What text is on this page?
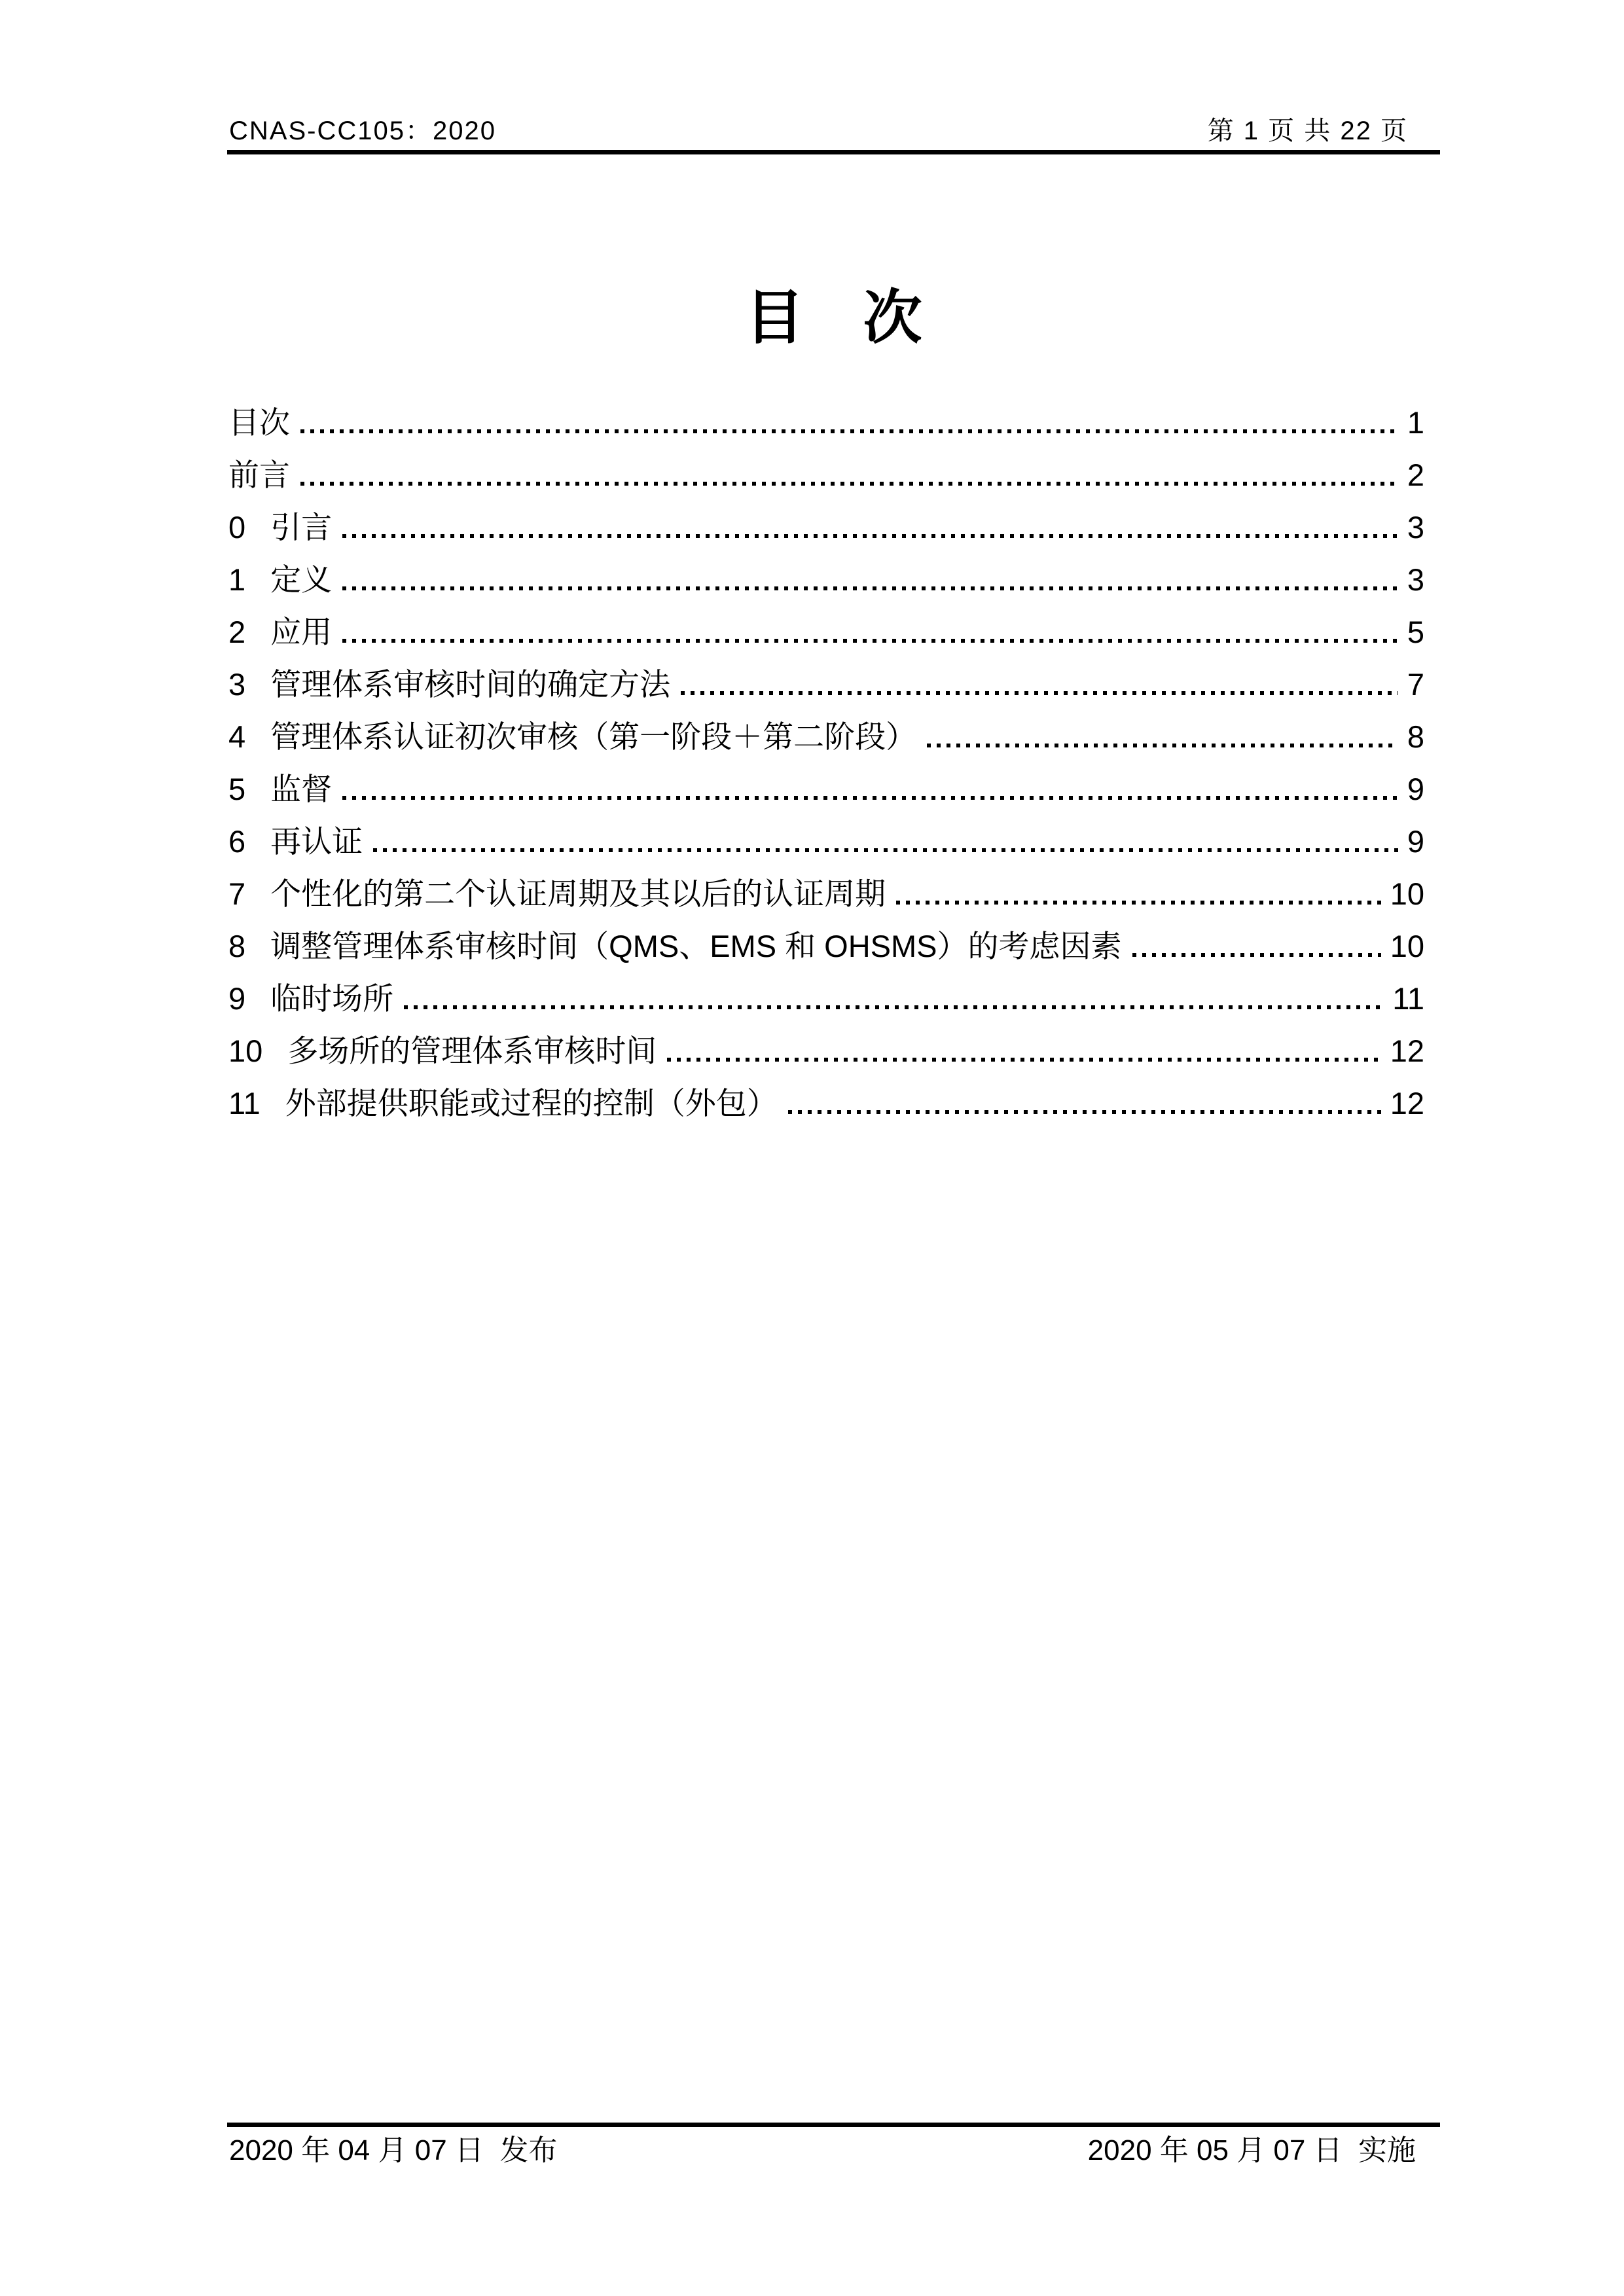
CNAS-CC105：2020	第 1 页 共 22 页
目　次
目次	1
前言	2
0 引言	3
1 定义	3
2 应用	5
3 管理体系审核时间的确定方法	7
4 管理体系认证初次审核（第一阶段＋第二阶段）	8
5 监督	9
6 再认证	9
7 个性化的第二个认证周期及其以后的认证周期	10
8 调整管理体系审核时间（QMS、EMS 和 OHSMS）的考虑因素	10
9 临时场所	11
10 多场所的管理体系审核时间	12
11 外部提供职能或过程的控制（外包）	12
2020 年 04 月 07 日  发布	2020 年 05 月 07 日  实施
